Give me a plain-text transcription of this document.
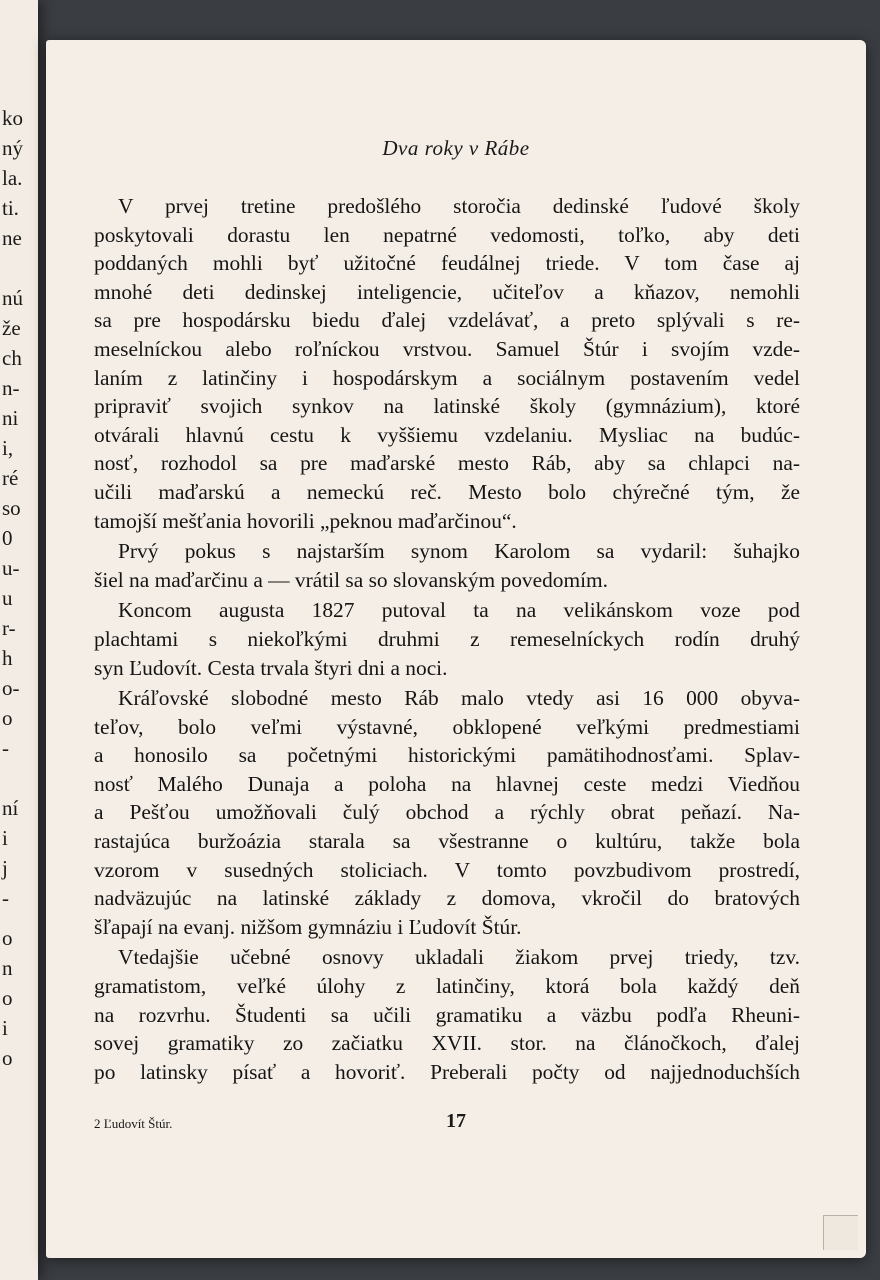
ko
ný
la.
ti.
ne
nú
že
ch
n-
ni
i,
ré
so
0
u-
u
r-
h
o-
o
-
ní
i
j
-
o
n
o
i
o
Dva roky v Rábe
V prvej tretine predošlého storočia dedinské ľudové školy
poskytovali dorastu len nepatrné vedomosti, toľko, aby deti
poddaných mohli byť užitočné feudálnej triede. V tom čase aj
mnohé deti dedinskej inteligencie, učiteľov a kňazov, nemohli
sa pre hospodársku biedu ďalej vzdelávať, a preto splývali s re-
meselníckou alebo roľníckou vrstvou. Samuel Štúr i svojím vzde-
laním z latinčiny i hospodárskym a sociálnym postavením vedel
pripraviť svojich synkov na latinské školy (gymnázium), ktoré
otvárali hlavnú cestu k vyššiemu vzdelaniu. Mysliac na budúc-
nosť, rozhodol sa pre maďarské mesto Ráb, aby sa chlapci na-
učili maďarskú a nemeckú reč. Mesto bolo chýrečné tým, že
tamojší mešťania hovorili „peknou maďarčinou“.
Prvý pokus s najstarším synom Karolom sa vydaril: šuhajko
šiel na maďarčinu a — vrátil sa so slovanským povedomím.
Koncom augusta 1827 putoval ta na velikánskom voze pod
plachtami s niekoľkými druhmi z remeselníckych rodín druhý
syn Ľudovít. Cesta trvala štyri dni a noci.
Kráľovské slobodné mesto Ráb malo vtedy asi 16 000 obyva-
teľov, bolo veľmi výstavné, obklopené veľkými predmestiami
a honosilo sa početnými historickými pamätihodnosťami. Splav-
nosť Malého Dunaja a poloha na hlavnej ceste medzi Viedňou
a Pešťou umožňovali čulý obchod a rýchly obrat peňazí. Na-
rastajúca buržoázia starala sa všestranne o kultúru, takže bola
vzorom v susedných stoliciach. V tomto povzbudivom prostredí,
nadväzujúc na latinské základy z domova, vkročil do bratových
šľapají na evanj. nižšom gymnáziu i Ľudovít Štúr.
Vtedajšie učebné osnovy ukladali žiakom prvej triedy, tzv.
gramatistom, veľké úlohy z latinčiny, ktorá bola každý deň
na rozvrhu. Študenti sa učili gramatiku a väzbu podľa Rheuni-
sovej gramatiky zo začiatku XVII. stor. na článočkoch, ďalej
po latinsky písať a hovoriť. Preberali počty od najjednoduchších
2 Ľudovít Štúr.	17
